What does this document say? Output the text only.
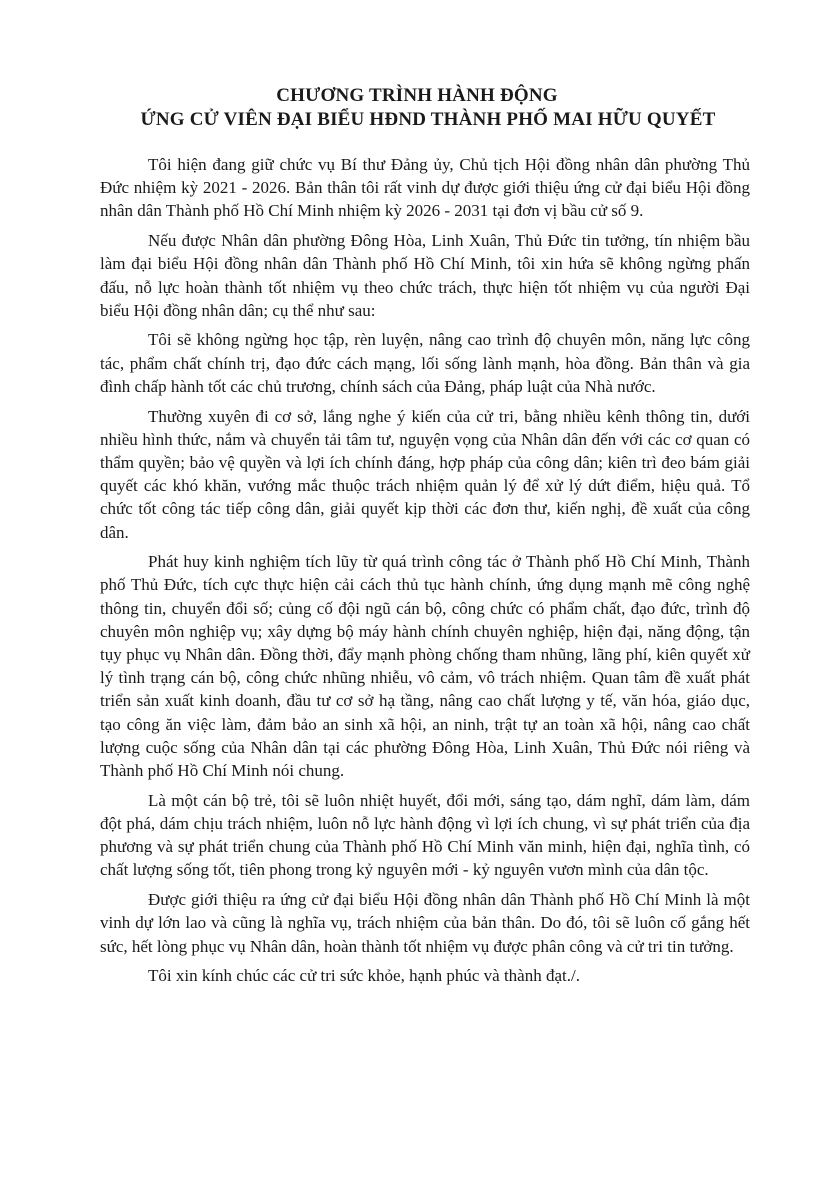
CHƯƠNG TRÌNH HÀNH ĐỘNG

ỨNG CỬ VIÊN ĐẠI BIỂU HĐND THÀNH PHỐ MAI HỮU QUYẾT

Tôi hiện đang giữ chức vụ Bí thư Đảng ủy, Chủ tịch Hội đồng nhân dân phường Thủ Đức nhiệm kỳ 2021 - 2026. Bản thân tôi rất vinh dự được giới thiệu ứng cử đại biểu Hội đồng nhân dân Thành phố Hồ Chí Minh nhiệm kỳ 2026 - 2031 tại đơn vị bầu cử số 9.

Nếu được Nhân dân phường Đông Hòa, Linh Xuân, Thủ Đức tin tưởng, tín nhiệm bầu làm đại biểu Hội đồng nhân dân Thành phố Hồ Chí Minh, tôi xin hứa sẽ không ngừng phấn đấu, nỗ lực hoàn thành tốt nhiệm vụ theo chức trách, thực hiện tốt nhiệm vụ của người Đại biểu Hội đồng nhân dân; cụ thể như sau:

Tôi sẽ không ngừng học tập, rèn luyện, nâng cao trình độ chuyên môn, năng lực công tác, phẩm chất chính trị, đạo đức cách mạng, lối sống lành mạnh, hòa đồng. Bản thân và gia đình chấp hành tốt các chủ trương, chính sách của Đảng, pháp luật của Nhà nước.

Thường xuyên đi cơ sở, lắng nghe ý kiến của cử tri, bằng nhiều kênh thông tin, dưới nhiều hình thức, nắm và chuyển tải tâm tư, nguyện vọng của Nhân dân đến với các cơ quan có thẩm quyền; bảo vệ quyền và lợi ích chính đáng, hợp pháp của công dân; kiên trì đeo bám giải quyết các khó khăn, vướng mắc thuộc trách nhiệm quản lý để xử lý dứt điểm, hiệu quả. Tổ chức tốt công tác tiếp công dân, giải quyết kịp thời các đơn thư, kiến nghị, đề xuất của công dân.

Phát huy kinh nghiệm tích lũy từ quá trình công tác ở Thành phố Hồ Chí Minh, Thành phố Thủ Đức, tích cực thực hiện cải cách thủ tục hành chính, ứng dụng mạnh mẽ công nghệ thông tin, chuyển đổi số; củng cố đội ngũ cán bộ, công chức có phẩm chất, đạo đức, trình độ chuyên môn nghiệp vụ; xây dựng bộ máy hành chính chuyên nghiệp, hiện đại, năng động, tận tụy phục vụ Nhân dân. Đồng thời, đẩy mạnh phòng chống tham nhũng, lãng phí, kiên quyết xử lý tình trạng cán bộ, công chức nhũng nhiễu, vô cảm, vô trách nhiệm. Quan tâm đề xuất phát triển sản xuất kinh doanh, đầu tư cơ sở hạ tầng, nâng cao chất lượng y tế, văn hóa, giáo dục, tạo công ăn việc làm, đảm bảo an sinh xã hội, an ninh, trật tự an toàn xã hội, nâng cao chất lượng cuộc sống của Nhân dân tại các phường Đông Hòa, Linh Xuân, Thủ Đức nói riêng và Thành phố Hồ Chí Minh nói chung.

Là một cán bộ trẻ, tôi sẽ luôn nhiệt huyết, đổi mới, sáng tạo, dám nghĩ, dám làm, dám đột phá, dám chịu trách nhiệm, luôn nỗ lực hành động vì lợi ích chung, vì sự phát triển của địa phương và sự phát triển chung của Thành phố Hồ Chí Minh văn minh, hiện đại, nghĩa tình, có chất lượng sống tốt, tiên phong trong kỷ nguyên mới - kỷ nguyên vươn mình của dân tộc.

Được giới thiệu ra ứng cử đại biểu Hội đồng nhân dân Thành phố Hồ Chí Minh là một vinh dự lớn lao và cũng là nghĩa vụ, trách nhiệm của bản thân. Do đó, tôi sẽ luôn cố gắng hết sức, hết lòng phục vụ Nhân dân, hoàn thành tốt nhiệm vụ được phân công và cử tri tin tưởng.

Tôi xin kính chúc các cử tri sức khỏe, hạnh phúc và thành đạt./.
